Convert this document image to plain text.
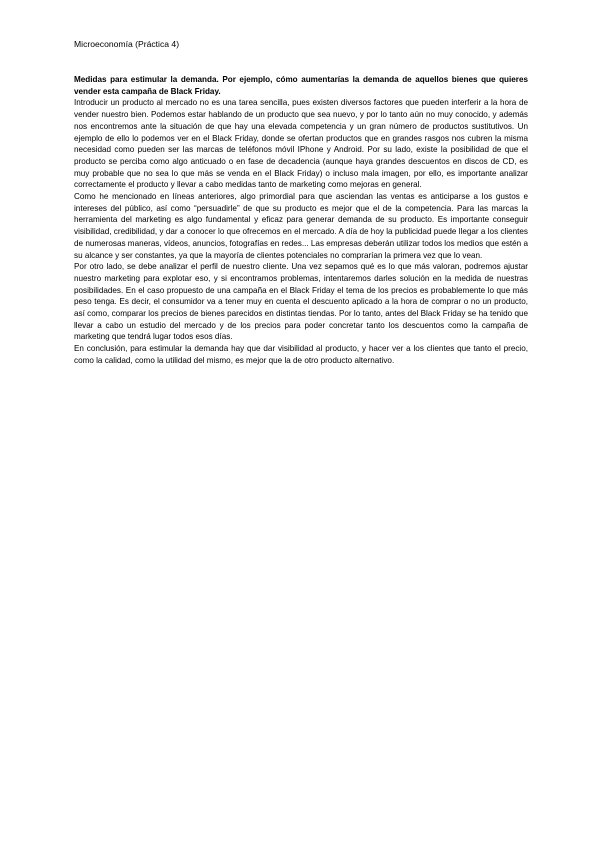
Microeconomía (Práctica 4)

Medidas para estimular la demanda. Por ejemplo, cómo aumentarías la demanda de aquellos bienes que quieres vender esta campaña de Black Friday.

Introducir un producto al mercado no es una tarea sencilla, pues existen diversos factores que pueden interferir a la hora de vender nuestro bien. Podemos estar hablando de un producto que sea nuevo, y por lo tanto aún no muy conocido, y además nos encontremos ante la situación de que hay una elevada competencia y un gran número de productos sustitutivos. Un ejemplo de ello lo podemos ver en el Black Friday, donde se ofertan productos que en grandes rasgos nos cubren la misma necesidad como pueden ser las marcas de teléfonos móvil IPhone y Android. Por su lado, existe la posibilidad de que el producto se perciba como algo anticuado o en fase de decadencia (aunque haya grandes descuentos en discos de CD, es muy probable que no sea lo que más se venda en el Black Friday) o incluso mala imagen, por ello, es importante analizar correctamente el producto y llevar a cabo medidas tanto de marketing como mejoras en general.

Como he mencionado en líneas anteriores, algo primordial para que asciendan las ventas es anticiparse a los gustos e intereses del público, así como “persuadirle” de que su producto es mejor que el de la competencia. Para las marcas la herramienta del marketing es algo fundamental y eficaz para generar demanda de su producto. Es importante conseguir visibilidad, credibilidad, y dar a conocer lo que ofrecemos en el mercado. A día de hoy la publicidad puede llegar a los clientes de numerosas maneras, vídeos, anuncios, fotografías en redes... Las empresas deberán utilizar todos los medios que estén a su alcance y ser constantes, ya que la mayoría de clientes potenciales no comprarían la primera vez que lo vean.

Por otro lado, se debe analizar el perfil de nuestro cliente. Una vez sepamos qué es lo que más valoran, podremos ajustar nuestro marketing para explotar eso, y si encontramos problemas, intentaremos darles solución en la medida de nuestras posibilidades. En el caso propuesto de una campaña en el Black Friday el tema de los precios es probablemente lo que más peso tenga. Es decir, el consumidor va a tener muy en cuenta el descuento aplicado a la hora de comprar o no un producto, así como, comparar los precios de bienes parecidos en distintas tiendas. Por lo tanto, antes del Black Friday se ha tenido que llevar a cabo un estudio del mercado y de los precios para poder concretar tanto los descuentos como la campaña de marketing que tendrá lugar todos esos días.

En conclusión, para estimular la demanda hay que dar visibilidad al producto, y hacer ver a los clientes que tanto el precio, como la calidad, como la utilidad del mismo, es mejor que la de otro producto alternativo.
